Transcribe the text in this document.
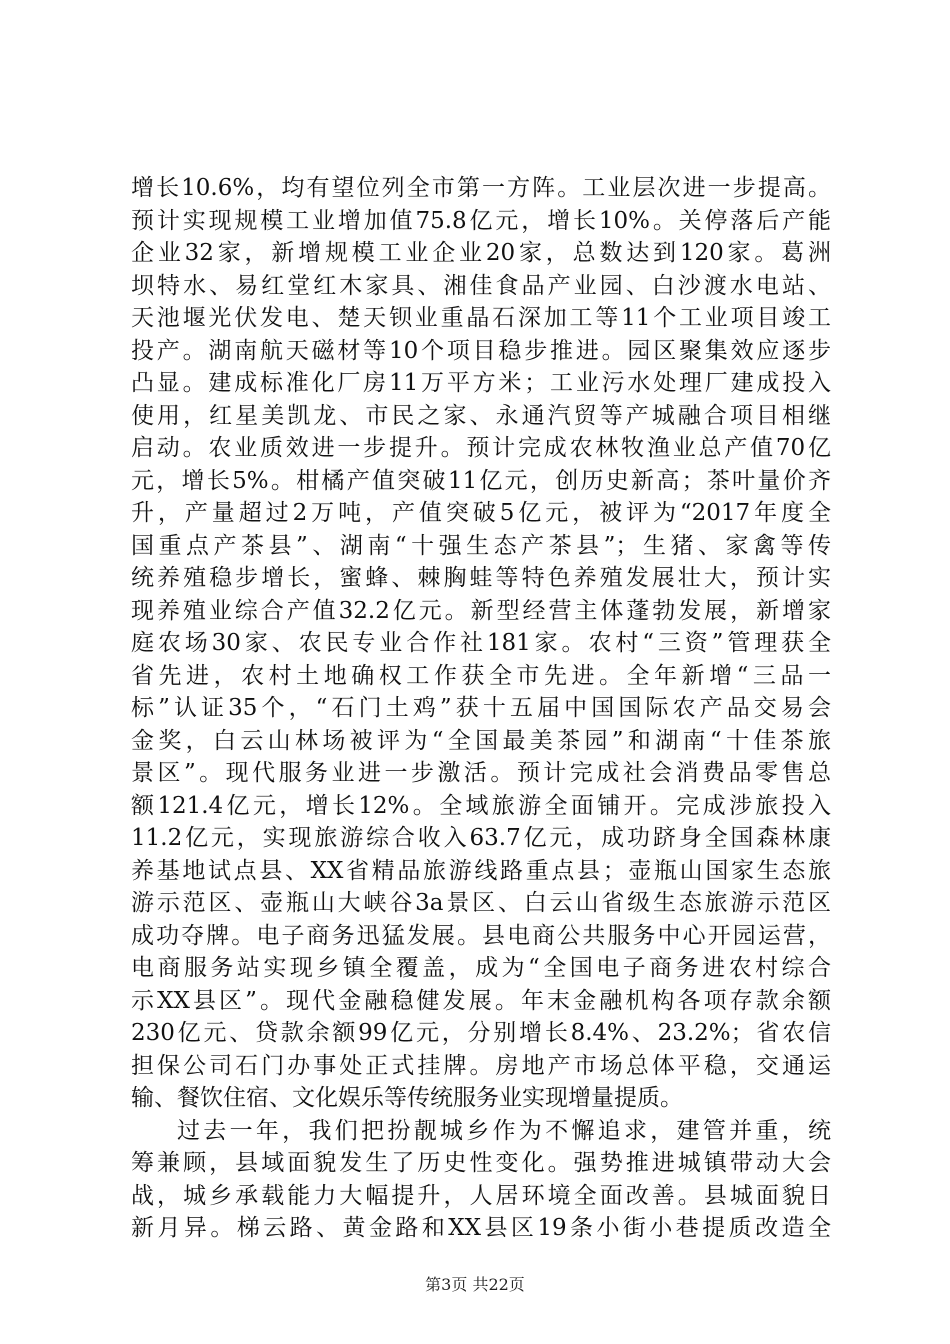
增长10.6%，均有望位列全市第一方阵。工业层次进一步提高。
预计实现规模工业增加值75.8亿元，增长10%。关停落后产能
企业32家，新增规模工业企业20家，总数达到120家。葛洲
坝特水、易红堂红木家具、湘佳食品产业园、白沙渡水电站、
天池堰光伏发电、楚天钡业重晶石深加工等11个工业项目竣工
投产。湖南航天磁材等10个项目稳步推进。园区聚集效应逐步
凸显。建成标准化厂房11万平方米；工业污水处理厂建成投入
使用，红星美凯龙、市民之家、永通汽贸等产城融合项目相继
启动。农业质效进一步提升。预计完成农林牧渔业总产值70亿
元，增长5%。柑橘产值突破11亿元，创历史新高；茶叶量价齐
升，产量超过2万吨，产值突破5亿元，被评为“2017年度全
国重点产茶县”、湖南“十强生态产茶县”；生猪、家禽等传
统养殖稳步增长，蜜蜂、棘胸蛙等特色养殖发展壮大，预计实
现养殖业综合产值32.2亿元。新型经营主体蓬勃发展，新增家
庭农场30家、农民专业合作社181家。农村“三资”管理获全
省先进，农村土地确权工作获全市先进。全年新增“三品一
标”认证35个，“石门土鸡”获十五届中国国际农产品交易会
金奖，白云山林场被评为“全国最美茶园”和湖南“十佳茶旅
景区”。现代服务业进一步激活。预计完成社会消费品零售总
额121.4亿元，增长12%。全域旅游全面铺开。完成涉旅投入
11.2亿元，实现旅游综合收入63.7亿元，成功跻身全国森林康
养基地试点县、XX省精品旅游线路重点县；壶瓶山国家生态旅
游示范区、壶瓶山大峡谷3a景区、白云山省级生态旅游示范区
成功夺牌。电子商务迅猛发展。县电商公共服务中心开园运营，
电商服务站实现乡镇全覆盖，成为“全国电子商务进农村综合
示XX县区”。现代金融稳健发展。年末金融机构各项存款余额
230亿元、贷款余额99亿元，分别增长8.4%、23.2%；省农信
担保公司石门办事处正式挂牌。房地产市场总体平稳，交通运
输、餐饮住宿、文化娱乐等传统服务业实现增量提质。
过去一年，我们把扮靓城乡作为不懈追求，建管并重，统
筹兼顾，县域面貌发生了历史性变化。强势推进城镇带动大会
战，城乡承载能力大幅提升，人居环境全面改善。县城面貌日
新月异。梯云路、黄金路和XX县区19条小街小巷提质改造全
第3页 共22页
